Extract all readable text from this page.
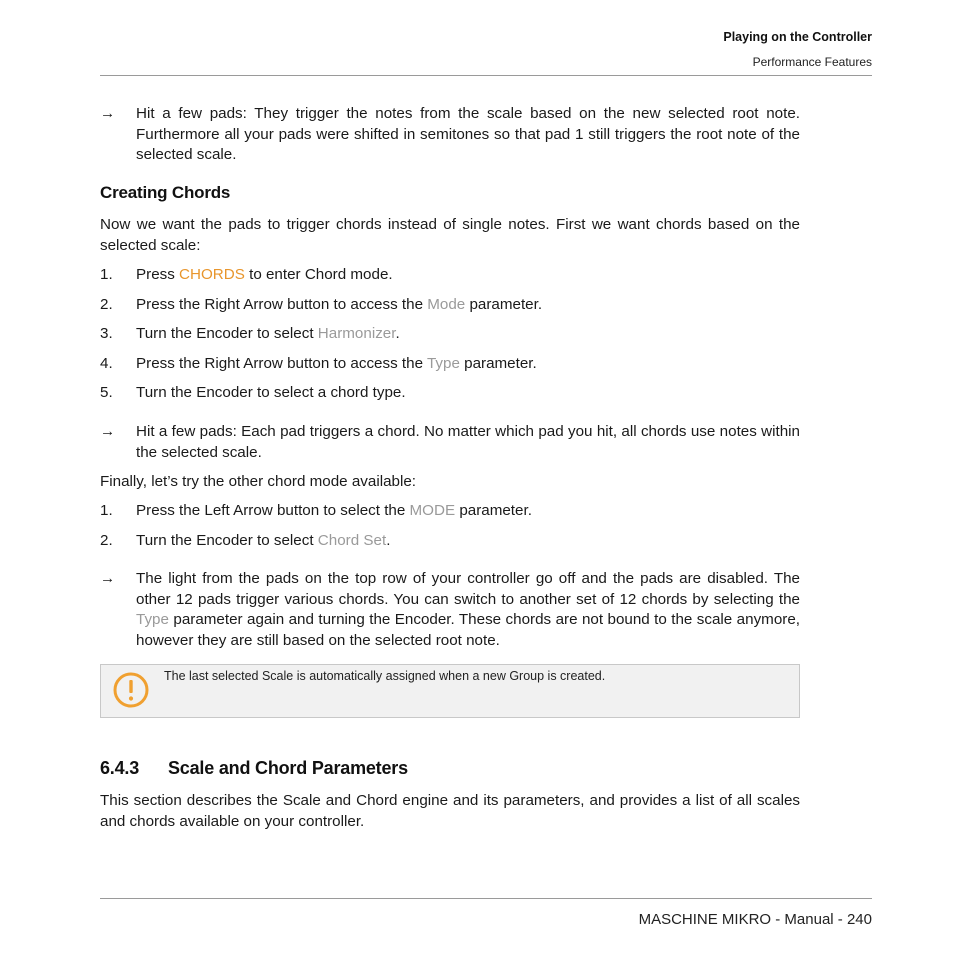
Playing on the Controller
Performance Features
→	Hit a few pads: They trigger the notes from the scale based on the new selected root note. Furthermore all your pads were shifted in semitones so that pad 1 still triggers the root note of the selected scale.
Creating Chords
Now we want the pads to trigger chords instead of single notes. First we want chords based on the selected scale:
1. Press CHORDS to enter Chord mode.
2. Press the Right Arrow button to access the Mode parameter.
3. Turn the Encoder to select Harmonizer.
4. Press the Right Arrow button to access the Type parameter.
5. Turn the Encoder to select a chord type.
→	Hit a few pads: Each pad triggers a chord. No matter which pad you hit, all chords use notes within the selected scale.
Finally, let’s try the other chord mode available:
1. Press the Left Arrow button to select the MODE parameter.
2. Turn the Encoder to select Chord Set.
→	The light from the pads on the top row of your controller go off and the pads are disabled. The other 12 pads trigger various chords. You can switch to another set of 12 chords by selecting the Type parameter again and turning the Encoder. These chords are not bound to the scale anymore, however they are still based on the selected root note.
The last selected Scale is automatically assigned when a new Group is created.
6.4.3 Scale and Chord Parameters
This section describes the Scale and Chord engine and its parameters, and provides a list of all scales and chords available on your controller.
MASCHINE MIKRO - Manual - 240
